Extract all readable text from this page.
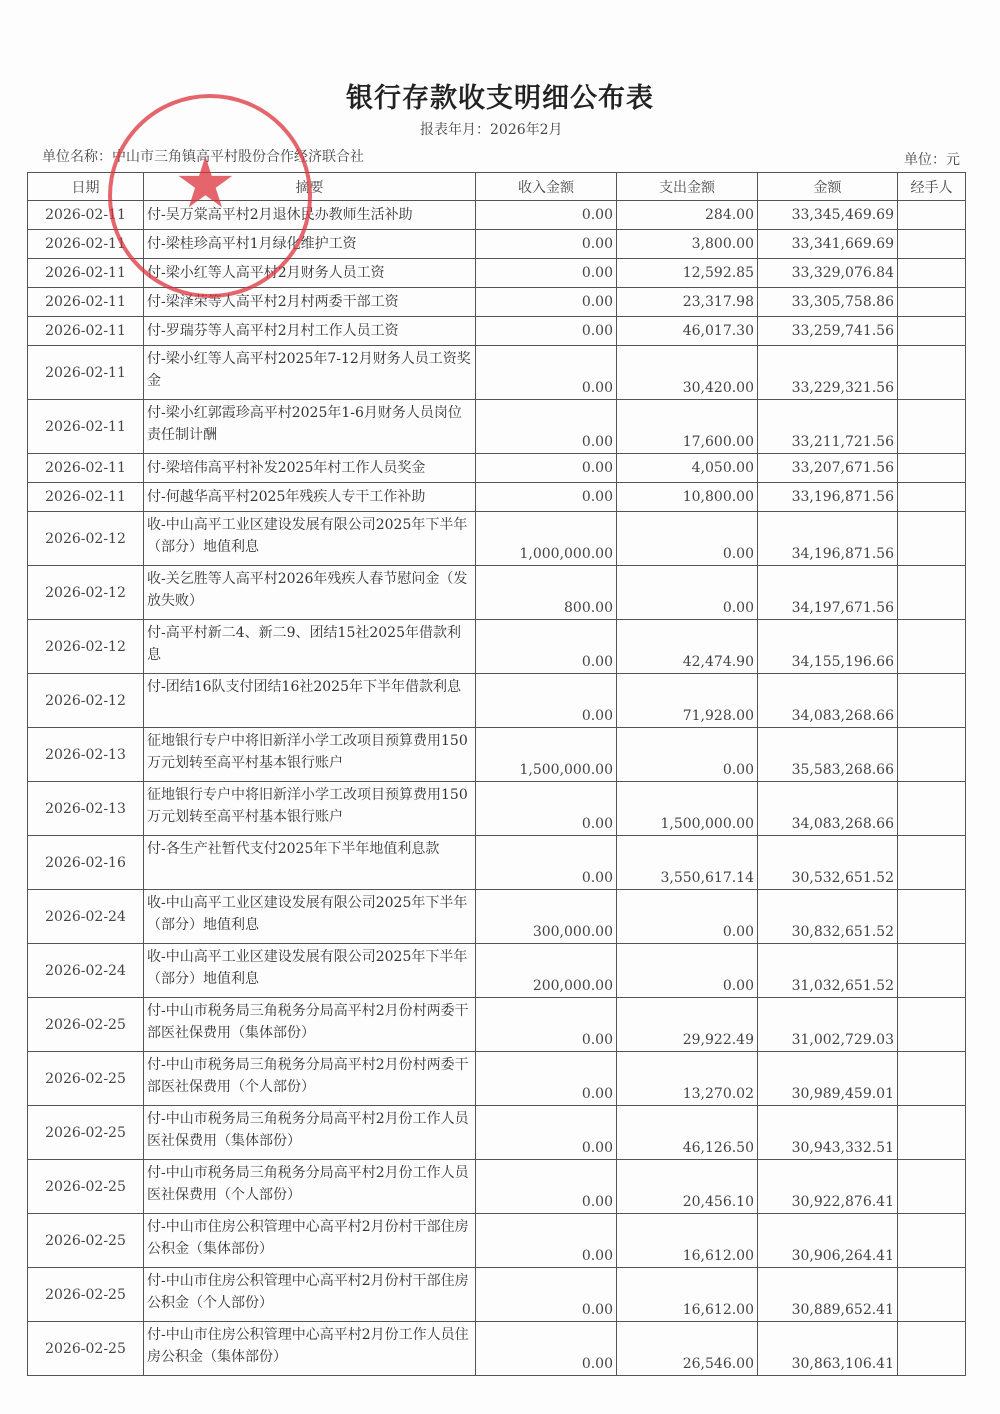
银行存款收支明细公布表
报表年月：2026年2月
单位名称：中山市三角镇高平村股份合作经济联合社	单位：元
日期	摘要	收入金额	支出金额	金额	经手人
2026-02-11	付-吴万棠高平村2月退休民办教师生活补助	0.00	284.00	33,345,469.69	
2026-02-11	付-梁桂珍高平村1月绿化维护工资	0.00	3,800.00	33,341,669.69	
2026-02-11	付-梁小红等人高平村2月财务人员工资	0.00	12,592.85	33,329,076.84	
2026-02-11	付-梁泽荣等人高平村2月村两委干部工资	0.00	23,317.98	33,305,758.86	
2026-02-11	付-罗瑞芬等人高平村2月村工作人员工资	0.00	46,017.30	33,259,741.56	
2026-02-11	付-梁小红等人高平村2025年7-12月财务人员工资奖金	0.00	30,420.00	33,229,321.56	
2026-02-11	付-梁小红郭霞珍高平村2025年1-6月财务人员岗位责任制计酬	0.00	17,600.00	33,211,721.56	
2026-02-11	付-梁培伟高平村补发2025年村工作人员奖金	0.00	4,050.00	33,207,671.56	
2026-02-11	付-何越华高平村2025年残疾人专干工作补助	0.00	10,800.00	33,196,871.56	
2026-02-12	收-中山高平工业区建设发展有限公司2025年下半年（部分）地值利息	1,000,000.00	0.00	34,196,871.56	
2026-02-12	收-关乞胜等人高平村2026年残疾人春节慰问金（发放失败）	800.00	0.00	34,197,671.56	
2026-02-12	付-高平村新二4、新二9、团结15社2025年借款利息	0.00	42,474.90	34,155,196.66	
2026-02-12	付-团结16队支付团结16社2025年下半年借款利息	0.00	71,928.00	34,083,268.66	
2026-02-13	征地银行专户中将旧新洋小学工改项目预算费用150万元划转至高平村基本银行账户	1,500,000.00	0.00	35,583,268.66	
2026-02-13	征地银行专户中将旧新洋小学工改项目预算费用150万元划转至高平村基本银行账户	0.00	1,500,000.00	34,083,268.66	
2026-02-16	付-各生产社暂代支付2025年下半年地值利息款	0.00	3,550,617.14	30,532,651.52	
2026-02-24	收-中山高平工业区建设发展有限公司2025年下半年（部分）地值利息	300,000.00	0.00	30,832,651.52	
2026-02-24	收-中山高平工业区建设发展有限公司2025年下半年（部分）地值利息	200,000.00	0.00	31,032,651.52	
2026-02-25	付-中山市税务局三角税务分局高平村2月份村两委干部医社保费用（集体部份）	0.00	29,922.49	31,002,729.03	
2026-02-25	付-中山市税务局三角税务分局高平村2月份村两委干部医社保费用（个人部份）	0.00	13,270.02	30,989,459.01	
2026-02-25	付-中山市税务局三角税务分局高平村2月份工作人员医社保费用（集体部份）	0.00	46,126.50	30,943,332.51	
2026-02-25	付-中山市税务局三角税务分局高平村2月份工作人员医社保费用（个人部份）	0.00	20,456.10	30,922,876.41	
2026-02-25	付-中山市住房公积管理中心高平村2月份村干部住房公积金（集体部份）	0.00	16,612.00	30,906,264.41	
2026-02-25	付-中山市住房公积管理中心高平村2月份村干部住房公积金（个人部份）	0.00	16,612.00	30,889,652.41	
2026-02-25	付-中山市住房公积管理中心高平村2月份工作人员住房公积金（集体部份）	0.00	26,546.00	30,863,106.41	
★
